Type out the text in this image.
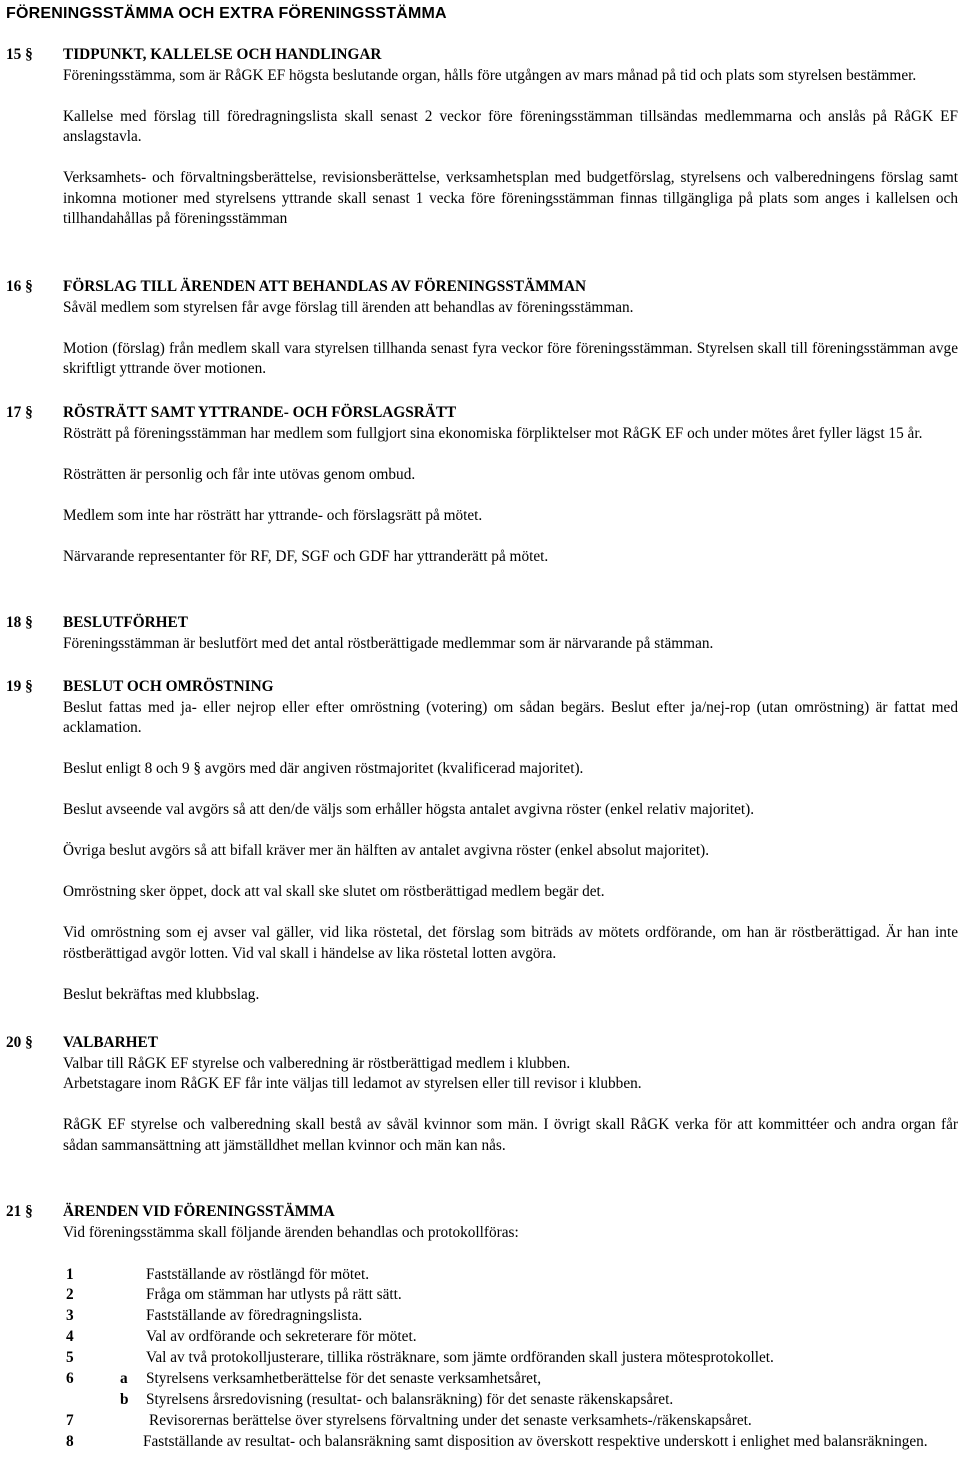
FÖRENINGSSTÄMMA OCH EXTRA FÖRENINGSSTÄMMA
15 §	TIDPUNKT, KALLELSE OCH HANDLINGAR
Föreningsstämma, som är RåGK EF högsta beslutande organ, hålls före utgången av mars månad på tid och plats som styrelsen bestämmer.
Kallelse med förslag till föredragningslista skall senast 2 veckor före föreningsstämman tillsändas medlemmarna och anslås på RåGK EF anslagstavla.
Verksamhets- och förvaltningsberättelse, revisionsberättelse, verksamhetsplan med budgetförslag, styrelsens och valberedningens förslag samt inkomna motioner med styrelsens yttrande skall senast 1 vecka före föreningsstämman finnas tillgängliga på plats som anges i kallelsen och tillhandahållas på föreningsstämman
16 §	FÖRSLAG TILL ÄRENDEN ATT BEHANDLAS AV FÖRENINGSSTÄMMAN
Såväl medlem som styrelsen får avge förslag till ärenden att behandlas av föreningsstämman.
Motion (förslag) från medlem skall vara styrelsen tillhanda senast fyra veckor före föreningsstämman. Styrelsen skall till föreningsstämman avge skriftligt yttrande över motionen.
17 §	RÖSTRÄTT SAMT YTTRANDE- OCH FÖRSLAGSRÄTT
Rösträtt på föreningsstämman har medlem som fullgjort sina ekonomiska förpliktelser mot RåGK EF och under mötes året fyller lägst 15 år.
Rösträtten är personlig och får inte utövas genom ombud.
Medlem som inte har rösträtt har yttrande- och förslagsrätt på mötet.
Närvarande representanter för RF, DF, SGF och GDF har yttranderätt på mötet.
18 §	BESLUTFÖRHET
Föreningsstämman är beslutfört med det antal röstberättigade medlemmar som är närvarande på stämman.
19 §	BESLUT OCH OMRÖSTNING
Beslut fattas med ja- eller nejrop eller efter omröstning (votering) om sådan begärs. Beslut efter ja/nej-rop (utan omröstning) är fattat med acklamation.
Beslut enligt 8 och 9 § avgörs med där angiven röstmajoritet (kvalificerad majoritet).
Beslut avseende val avgörs så att den/de väljs som erhåller högsta antalet avgivna röster (enkel relativ majoritet).
Övriga beslut avgörs så att bifall kräver mer än hälften av antalet avgivna röster (enkel absolut majoritet).
Omröstning sker öppet, dock att val skall ske slutet om röstberättigad medlem begär det.
Vid omröstning som ej avser val gäller, vid lika röstetal, det förslag som biträds av mötets ordförande, om han är röstberättigad. Är han inte röstberättigad avgör lotten. Vid val skall i händelse av lika röstetal lotten avgöra.
Beslut bekräftas med klubbslag.
20 §	VALBARHET
Valbar till RåGK EF styrelse och valberedning är röstberättigad medlem i klubben.
Arbetstagare inom RåGK EF får inte väljas till ledamot av styrelsen eller till revisor i klubben.
RåGK EF styrelse och valberedning skall bestå av såväl kvinnor som män. I övrigt skall RåGK verka för att kommittéer och andra organ får sådan sammansättning att jämställdhet mellan kvinnor och män kan nås.
21 §	ÄRENDEN VID FÖRENINGSSTÄMMA
Vid föreningsstämma skall följande ärenden behandlas och protokollföras:
1	Fastställande av röstlängd för mötet.
2	Fråga om stämman har utlysts på rätt sätt.
3	Fastställande av föredragningslista.
4	Val av ordförande och sekreterare för mötet.
5	Val av två protokolljusterare, tillika rösträknare, som jämte ordföranden skall justera mötesprotokollet.
6	a Styrelsens verksamhetberättelse för det senaste verksamhetsåret,
b Styrelsens årsredovisning (resultat- och balansräkning) för det senaste räkenskapsåret.
7	Revisorernas berättelse över styrelsens förvaltning under det senaste verksamhets-/räkenskapsåret.
8	Fastställande av resultat- och balansräkning samt disposition av överskott respektive underskott i enlighet med balansräkningen.
